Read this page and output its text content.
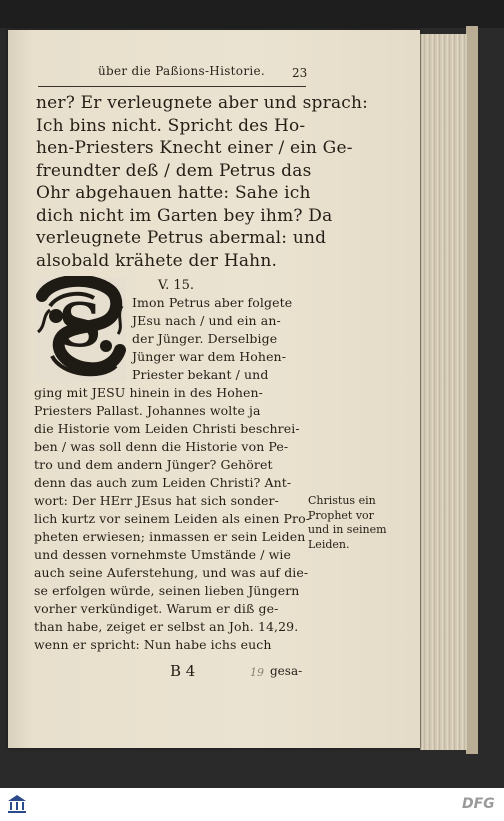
über die Paßions-Historie. 23
ner? Er verleugnete aber und sprach:
Ich bins nicht. Spricht des Ho-
hen-Priesters Knecht einer / ein Ge-
freundter deß / dem Petrus das
Ohr abgehauen hatte: Sahe ich
dich nicht im Garten bey ihm? Da
verleugnete Petrus abermal: und
alsobald krähete der Hahn.
V. 15.
S Imon Petrus aber folgete
JEsu nach / und ein an-
der Jünger. Derselbige
Jünger war dem Hohen-
Priester bekant / und
ging mit JESU hinein in des Hohen-
Priesters Pallast. Johannes wolte ja
die Historie vom Leiden Christi beschrei-
ben / was soll denn die Historie von Pe-
tro und dem andern Jünger? Gehöret
denn das auch zum Leiden Christi? Ant-
wort: Der HErr JEsus hat sich sonder-
lich kurtz vor seinem Leiden als einen Pro-
pheten erwiesen; inmassen er sein Leiden
und dessen vornehmste Umstände / wie
auch seine Auferstehung, und was auf die-
se erfolgen würde, seinen lieben Jüngern
vorher verkündiget. Warum er diß ge-
than habe, zeiget er selbst an Joh. 14,29.
wenn er spricht: Nun habe ichs euch
Christus ein
Prophet vor
und in seinem
Leiden.
B 4	19 gesa-
DFG
